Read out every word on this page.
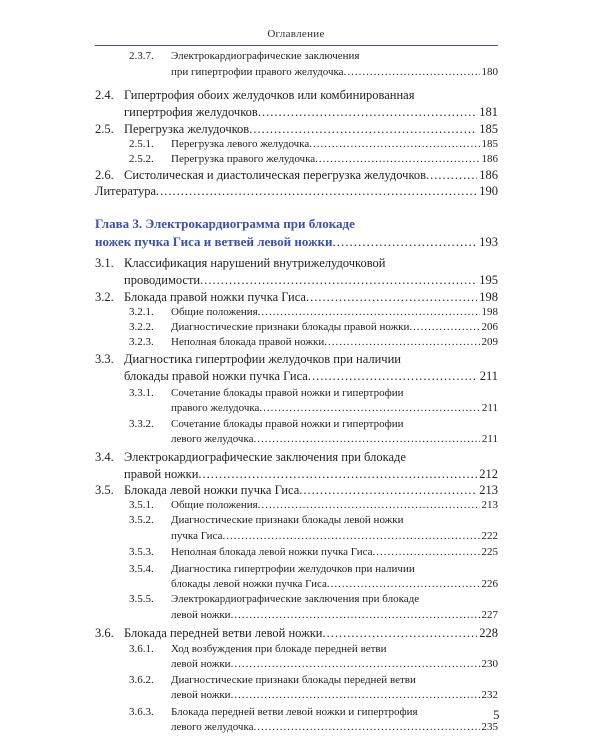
Оглавление
2.3.7. Электрокардиографические заключения
при гипертрофии правого желудочка .....	180
2.4. Гипертрофия обоих желудочков или комбинированная
гипертрофия желудочков .....	181
2.5. Перегрузка желудочков .....	185
2.5.1. Перегрузка левого желудочка .....	185
2.5.2. Перегрузка правого желудочка .....	186
2.6. Систолическая и диастолическая перегрузка желудочков .....	186
Литература .....	190
Глава 3. Электрокардиограмма при блокаде
ножек пучка Гиса и ветвей левой ножки .....	193
3.1. Классификация нарушений внутрижелудочковой
проводимости .....	195
3.2. Блокада правой ножки пучка Гиса .....	198
3.2.1. Общие положения .....	198
3.2.2. Диагностические признаки блокады правой ножки .....	206
3.2.3. Неполная блокада правой ножки .....	209
3.3. Диагностика гипертрофии желудочков при наличии
блокады правой ножки пучка Гиса .....	211
3.3.1. Сочетание блокады правой ножки и гипертрофии
правого желудочка .....	211
3.3.2. Сочетание блокады правой ножки и гипертрофии
левого желудочка .....	211
3.4. Электрокардиографические заключения при блокаде
правой ножки .....	212
3.5. Блокада левой ножки пучка Гиса .....	213
3.5.1. Общие положения .....	213
3.5.2. Диагностические признаки блокады левой ножки
пучка Гиса .....	222
3.5.3. Неполная блокада левой ножки пучка Гиса .....	225
3.5.4. Диагностика гипертрофии желудочков при наличии
блокады левой ножки пучка Гиса .....	226
3.5.5. Электрокардиографические заключения при блокаде
левой ножки .....	227
3.6. Блокада передней ветви левой ножки .....	228
3.6.1. Ход возбуждения при блокаде передней ветви
левой ножки .....	230
3.6.2. Диагностические признаки блокады передней ветви
левой ножки .....	232
3.6.3. Блокада передней ветви левой ножки и гипертрофия
левого желудочка .....	235
5
